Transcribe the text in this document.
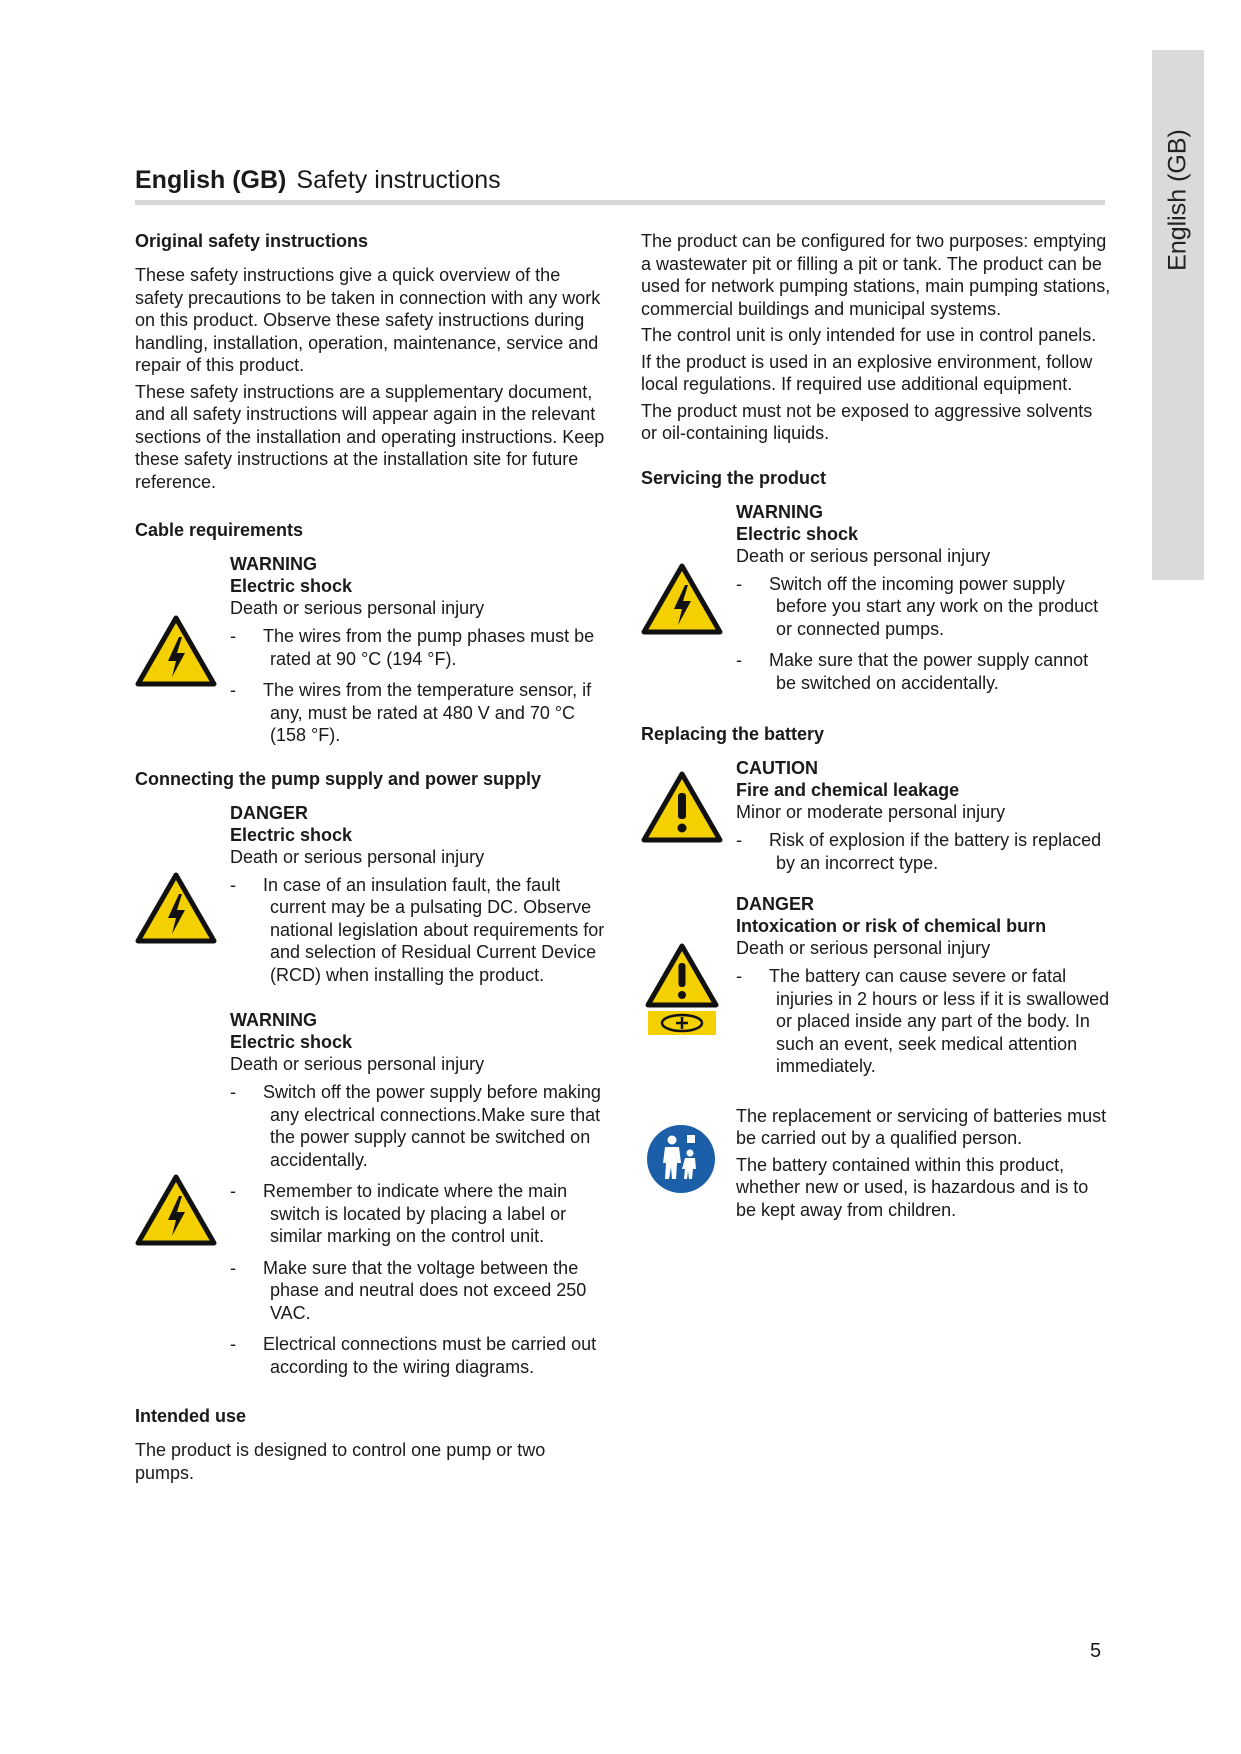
English (GB)
English (GB) Safety instructions
Original safety instructions

These safety instructions give a quick overview of the safety precautions to be taken in connection with any work on this product. Observe these safety instructions during handling, installation, operation, maintenance, service and repair of this product.

These safety instructions are a supplementary document, and all safety instructions will appear again in the relevant sections of the installation and operating instructions. Keep these safety instructions at the installation site for future reference.

Cable requirements

WARNING

Electric shock

Death or serious personal injury

- The wires from the pump phases must be rated at 90 °C (194 °F).

- The wires from the temperature sensor, if any, must be rated at 480 V and 70 °C (158 °F).

Connecting the pump supply and power supply

DANGER

Electric shock

Death or serious personal injury

- In case of an insulation fault, the fault current may be a pulsating DC. Observe national legislation about requirements for and selection of Residual Current Device (RCD) when installing the product.

WARNING

Electric shock

Death or serious personal injury

- Switch off the power supply before making any electrical connections.Make sure that the power supply cannot be switched on accidentally.

- Remember to indicate where the main switch is located by placing a label or similar marking on the control unit.

- Make sure that the voltage between the phase and neutral does not exceed 250 VAC.

- Electrical connections must be carried out according to the wiring diagrams.

Intended use

The product is designed to control one pump or two pumps.

The product can be configured for two purposes: emptying a wastewater pit or filling a pit or tank. The product can be used for network pumping stations, main pumping stations, commercial buildings and municipal systems.

The control unit is only intended for use in control panels.

If the product is used in an explosive environment, follow local regulations. If required use additional equipment.

The product must not be exposed to aggressive solvents or oil-containing liquids.

Servicing the product

WARNING

Electric shock

Death or serious personal injury

- Switch off the incoming power supply before you start any work on the product or connected pumps.

- Make sure that the power supply cannot be switched on accidentally.

Replacing the battery

CAUTION

Fire and chemical leakage

Minor or moderate personal injury

- Risk of explosion if the battery is replaced by an incorrect type.

DANGER

Intoxication or risk of chemical burn

Death or serious personal injury

- The battery can cause severe or fatal injuries in 2 hours or less if it is swallowed or placed inside any part of the body. In such an event, seek medical attention immediately.

The replacement or servicing of batteries must be carried out by a qualified person.

The battery contained within this product, whether new or used, is hazardous and is to be kept away from children.

5
